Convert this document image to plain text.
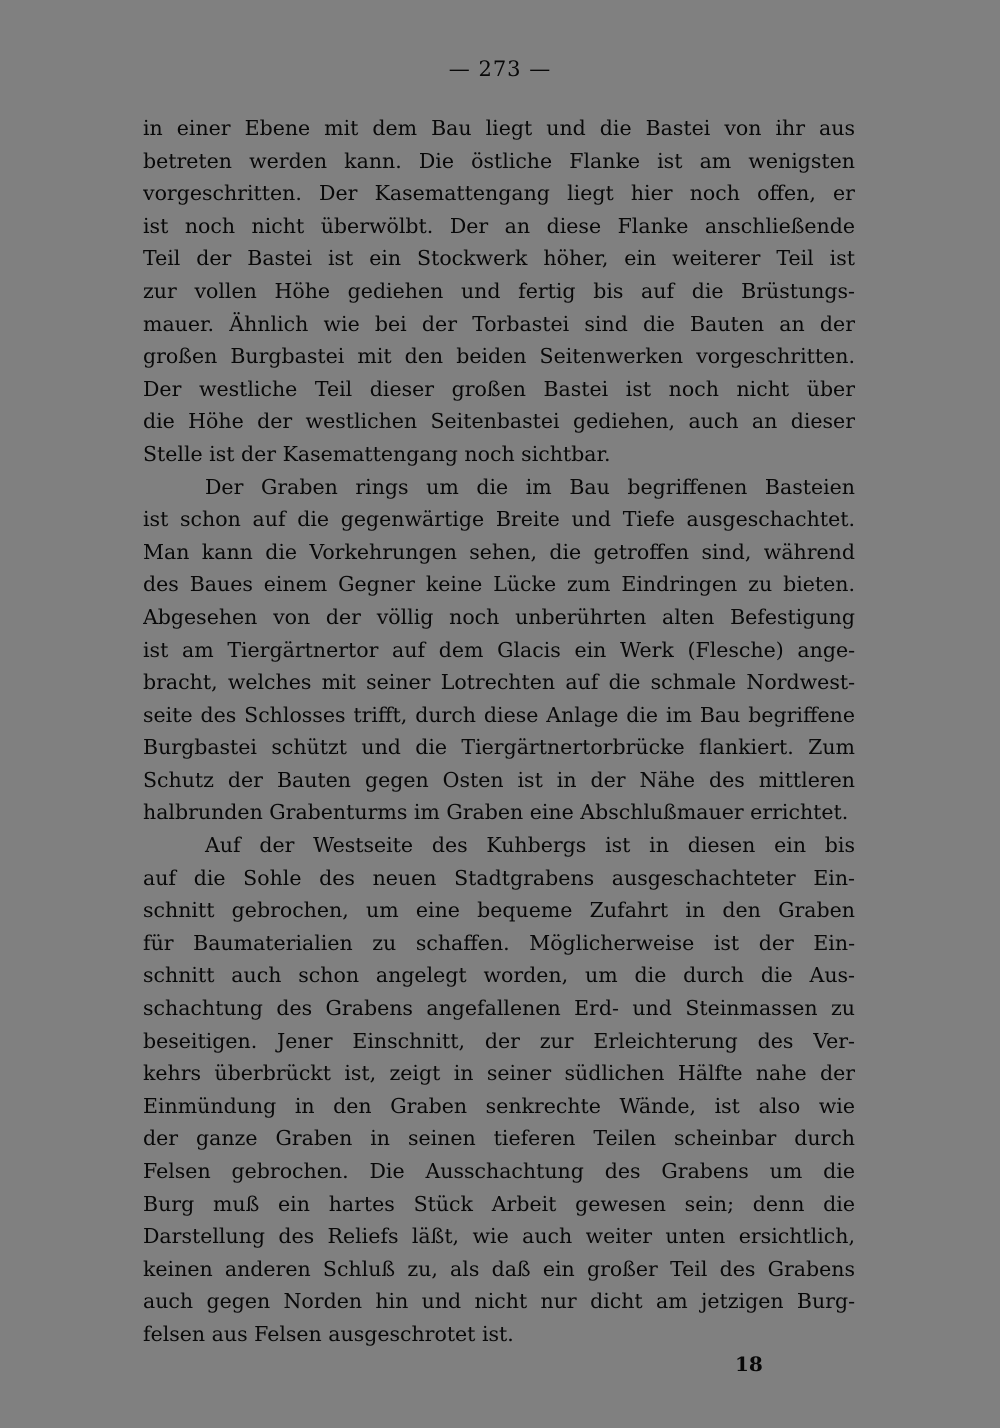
— 273 —
in einer Ebene mit dem Bau liegt und die Bastei von ihr aus
betreten werden kann. Die östliche Flanke ist am wenigsten
vorgeschritten. Der Kasemattengang liegt hier noch offen, er
ist noch nicht überwölbt. Der an diese Flanke anschließende
Teil der Bastei ist ein Stockwerk höher, ein weiterer Teil ist
zur vollen Höhe gediehen und fertig bis auf die Brüstungs-
mauer. Ähnlich wie bei der Torbastei sind die Bauten an der
großen Burgbastei mit den beiden Seitenwerken vorgeschritten.
Der westliche Teil dieser großen Bastei ist noch nicht über
die Höhe der westlichen Seitenbastei gediehen, auch an dieser
Stelle ist der Kasemattengang noch sichtbar.
Der Graben rings um die im Bau begriffenen Basteien
ist schon auf die gegenwärtige Breite und Tiefe ausgeschachtet.
Man kann die Vorkehrungen sehen, die getroffen sind, während
des Baues einem Gegner keine Lücke zum Eindringen zu bieten.
Abgesehen von der völlig noch unberührten alten Befestigung
ist am Tiergärtnertor auf dem Glacis ein Werk (Flesche) ange-
bracht, welches mit seiner Lotrechten auf die schmale Nordwest-
seite des Schlosses trifft, durch diese Anlage die im Bau begriffene
Burgbastei schützt und die Tiergärtnertorbrücke flankiert. Zum
Schutz der Bauten gegen Osten ist in der Nähe des mittleren
halbrunden Grabenturms im Graben eine Abschlußmauer errichtet.
Auf der Westseite des Kuhbergs ist in diesen ein bis
auf die Sohle des neuen Stadtgrabens ausgeschachteter Ein-
schnitt gebrochen, um eine bequeme Zufahrt in den Graben
für Baumaterialien zu schaffen. Möglicherweise ist der Ein-
schnitt auch schon angelegt worden, um die durch die Aus-
schachtung des Grabens angefallenen Erd- und Steinmassen zu
beseitigen. Jener Einschnitt, der zur Erleichterung des Ver-
kehrs überbrückt ist, zeigt in seiner südlichen Hälfte nahe der
Einmündung in den Graben senkrechte Wände, ist also wie
der ganze Graben in seinen tieferen Teilen scheinbar durch
Felsen gebrochen. Die Ausschachtung des Grabens um die
Burg muß ein hartes Stück Arbeit gewesen sein; denn die
Darstellung des Reliefs läßt, wie auch weiter unten ersichtlich,
keinen anderen Schluß zu, als daß ein großer Teil des Grabens
auch gegen Norden hin und nicht nur dicht am jetzigen Burg-
felsen aus Felsen ausgeschrotet ist.
18
